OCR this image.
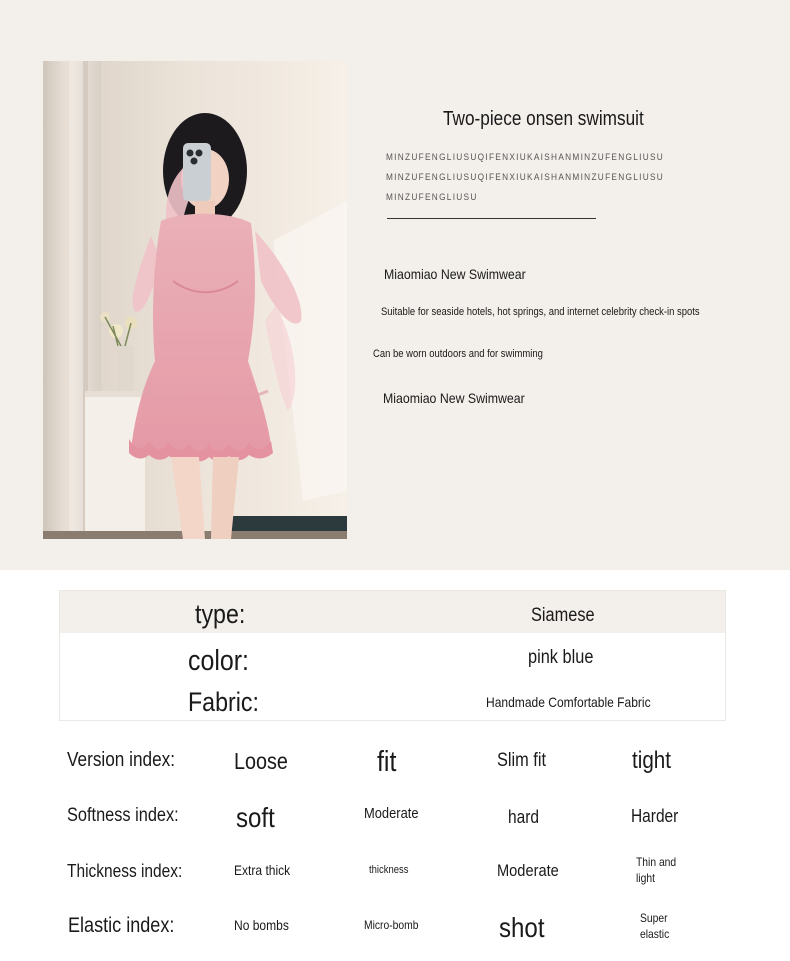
Two-piece onsen swimsuit
MINZUFENGLIUSUQIFENXIUKAISHANMINZUFENGLIUSU
MINZUFENGLIUSUQIFENXIUKAISHANMINZUFENGLIUSU
MINZUFENGLIUSU
Miaomiao New Swimwear
Suitable for seaside hotels, hot springs, and internet celebrity check-in spots
Can be worn outdoors and for swimming
Miaomiao New Swimwear
type:	Siamese
color:	pink blue
Fabric:	Handmade Comfortable Fabric
Version index:	Loose	fit	Slim fit	tight
Softness index: soft	Moderate	hard	Harder
Thickness index:	Extra thick	thickness	Moderate	Thin and light
Elastic index:	No bombs	Micro-bomb	shot	Super elastic
